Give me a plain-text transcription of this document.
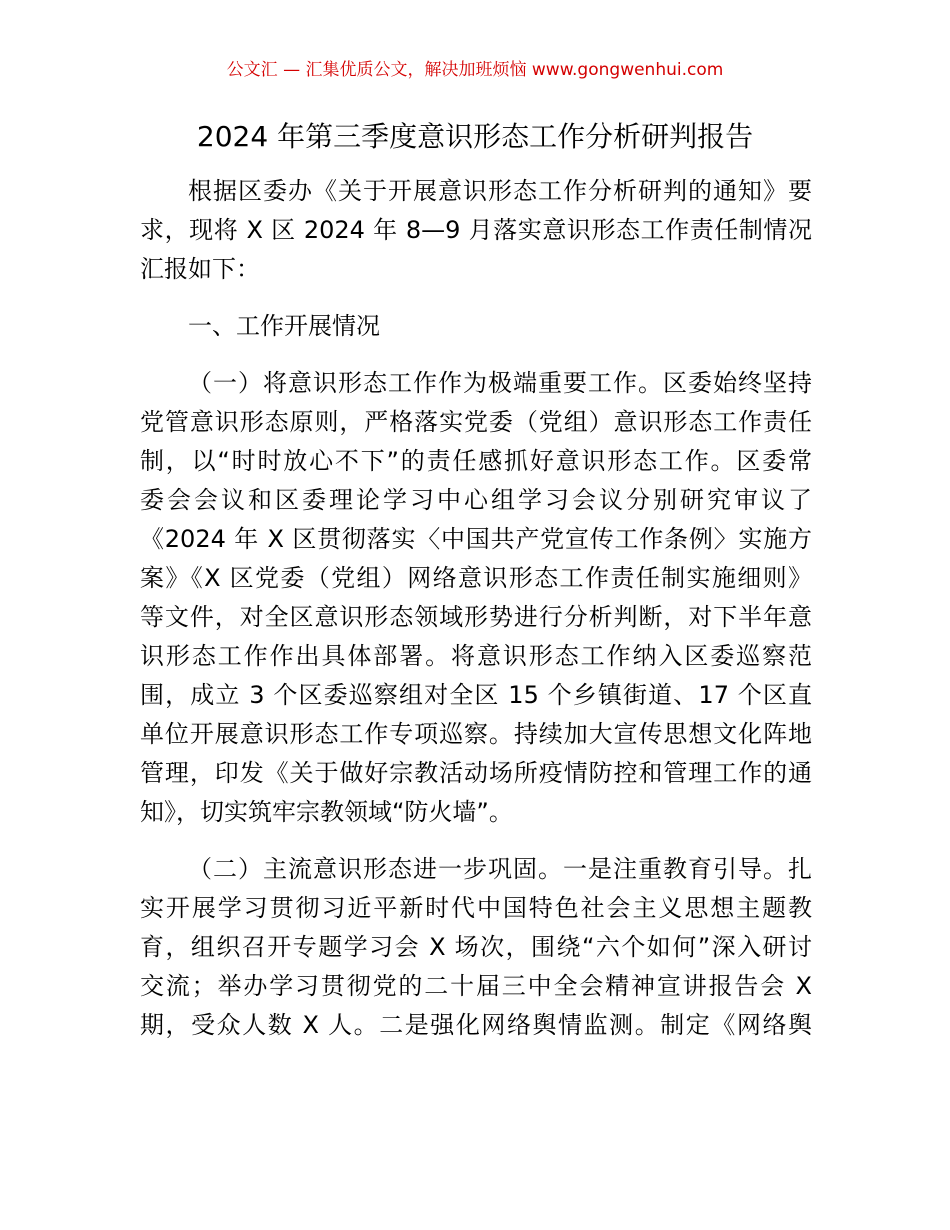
公文汇 — 汇集优质公文，解决加班烦恼 www.gongwenhui.com
2024 年第三季度意识形态工作分析研判报告
根据区委办《关于开展意识形态工作分析研判的通知》要
求，现将 X 区 2024 年 8—9 月落实意识形态工作责任制情况
汇报如下：
一、工作开展情况
（一）将意识形态工作作为极端重要工作。区委始终坚持
党管意识形态原则，严格落实党委（党组）意识形态工作责任
制，以“时时放心不下”的责任感抓好意识形态工作。区委常
委会会议和区委理论学习中心组学习会议分别研究审议了
《2024 年 X 区贯彻落实〈中国共产党宣传工作条例〉实施方
案》《X 区党委（党组）网络意识形态工作责任制实施细则》
等文件，对全区意识形态领域形势进行分析判断，对下半年意
识形态工作作出具体部署。将意识形态工作纳入区委巡察范
围，成立 3 个区委巡察组对全区 15 个乡镇街道、17 个区直
单位开展意识形态工作专项巡察。持续加大宣传思想文化阵地
管理，印发《关于做好宗教活动场所疫情防控和管理工作的通
知》，切实筑牢宗教领域“防火墙”。
（二）主流意识形态进一步巩固。一是注重教育引导。扎
实开展学习贯彻习近平新时代中国特色社会主义思想主题教
育，组织召开专题学习会 X 场次，围绕“六个如何”深入研讨
交流；举办学习贯彻党的二十届三中全会精神宣讲报告会 X
期，受众人数 X 人。二是强化网络舆情监测。制定《网络舆
